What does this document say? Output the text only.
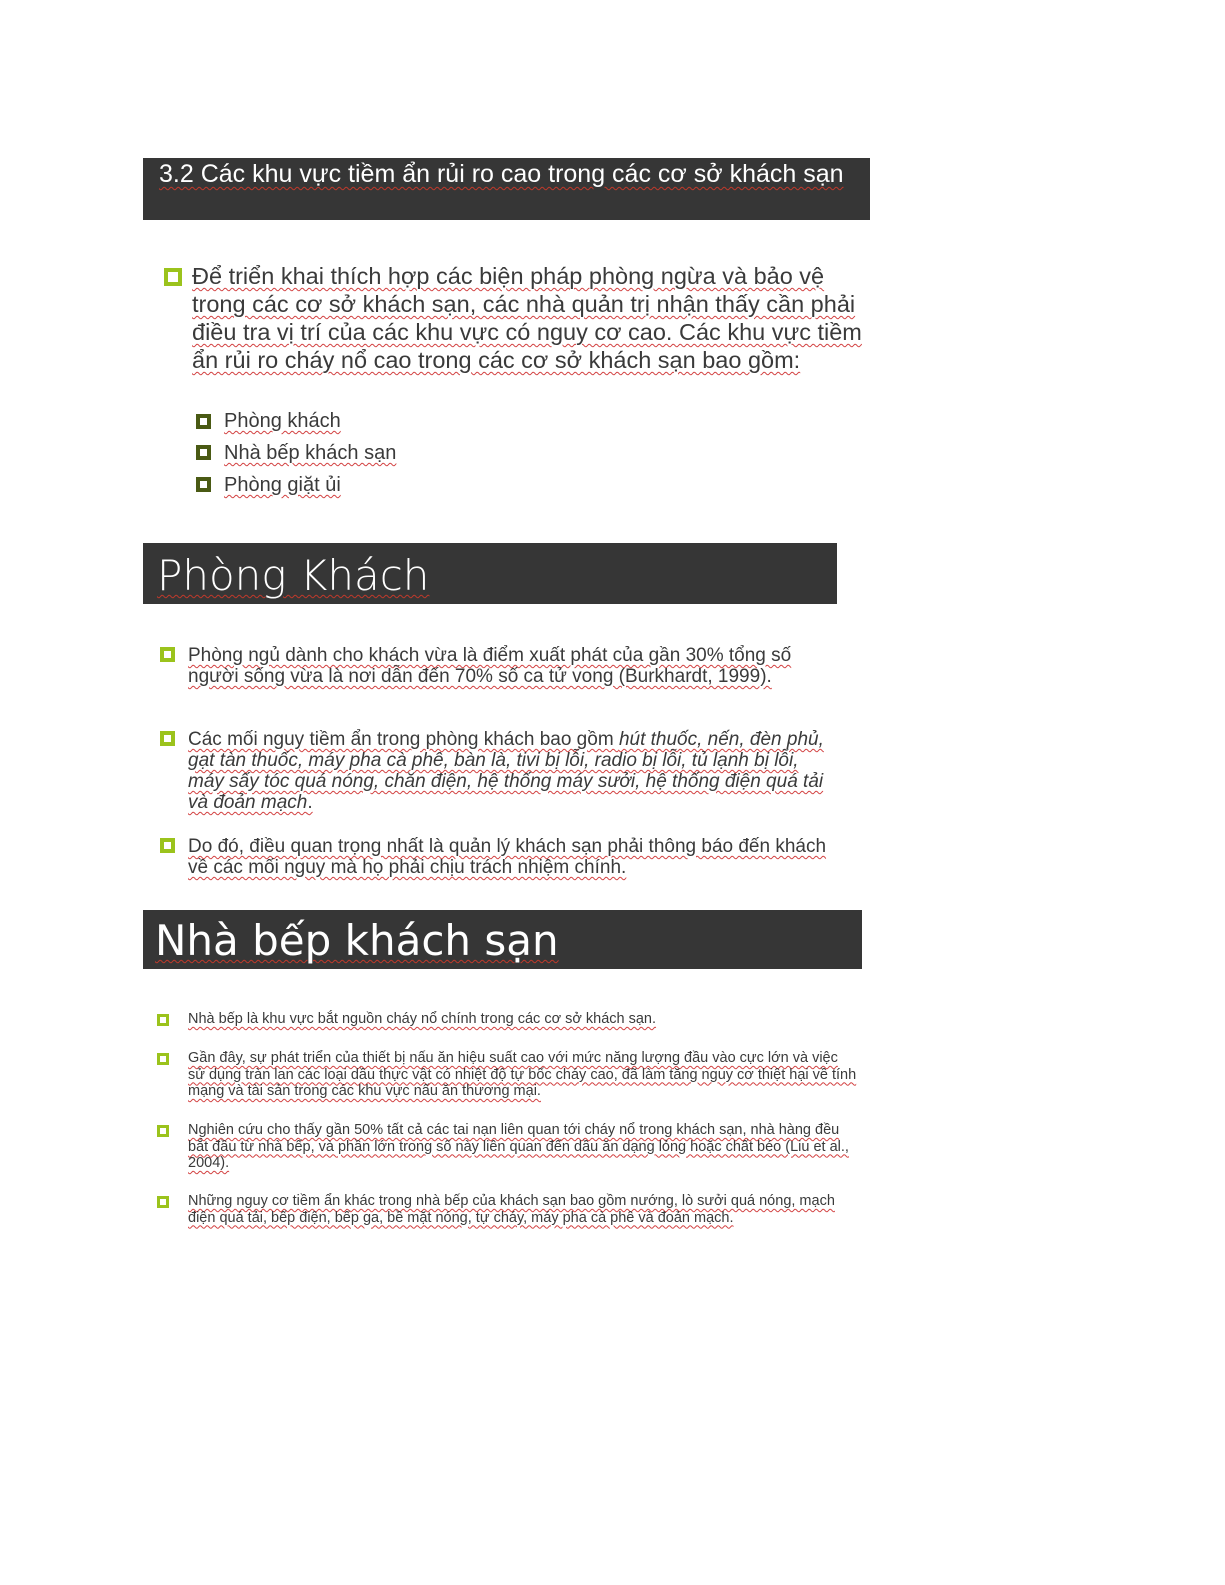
3.2 Các khu vực tiềm ẩn rủi ro cao trong các cơ sở khách sạn

Để triển khai thích hợp các biện pháp phòng ngừa và bảo vệ trong các cơ sở khách sạn, các nhà quản trị nhận thấy cần phải điều tra vị trí của các khu vực có nguy cơ cao. Các khu vực tiềm ẩn rủi ro cháy nổ cao trong các cơ sở khách sạn bao gồm:

Phòng khách

Nhà bếp khách sạn

Phòng giặt ủi

Phòng Khách

Phòng ngủ dành cho khách vừa là điểm xuất phát của gần 30% tổng số người sống vừa là nơi dẫn đến 70% số ca tử vong (Burkhardt, 1999).

Các mối nguy tiềm ẩn trong phòng khách bao gồm hút thuốc, nến, đèn phủ, gạt tàn thuốc, máy pha cà phê, bàn là, tivi bị lỗi, radio bị lỗi, tủ lạnh bị lỗi, máy sấy tóc quá nóng, chăn điện, hệ thống máy sưởi, hệ thống điện quá tải và đoản mạch.

Do đó, điều quan trọng nhất là quản lý khách sạn phải thông báo đến khách về các mối nguy mà họ phải chịu trách nhiệm chính.

Nhà bếp khách sạn

Nhà bếp là khu vực bắt nguồn cháy nổ chính trong các cơ sở khách sạn.

Gần đây, sự phát triển của thiết bị nấu ăn hiệu suất cao với mức năng lượng đầu vào cực lớn và việc sử dụng tràn lan các loại dầu thực vật có nhiệt độ tự bốc cháy cao, đã làm tăng nguy cơ thiệt hại về tính mạng và tài sản trong các khu vực nấu ăn thương mại.

Nghiên cứu cho thấy gần 50% tất cả các tai nạn liên quan tới cháy nổ trong khách sạn, nhà hàng đều bắt đầu từ nhà bếp, và phần lớn trong số này liên quan đến dầu ăn dạng lỏng hoặc chất béo (Liu et al., 2004).

Những nguy cơ tiềm ẩn khác trong nhà bếp của khách sạn bao gồm nướng, lò sưởi quá nóng, mạch điện quá tải, bếp điện, bếp ga, bề mặt nóng, tự cháy, máy pha cà phê và đoản mạch.
